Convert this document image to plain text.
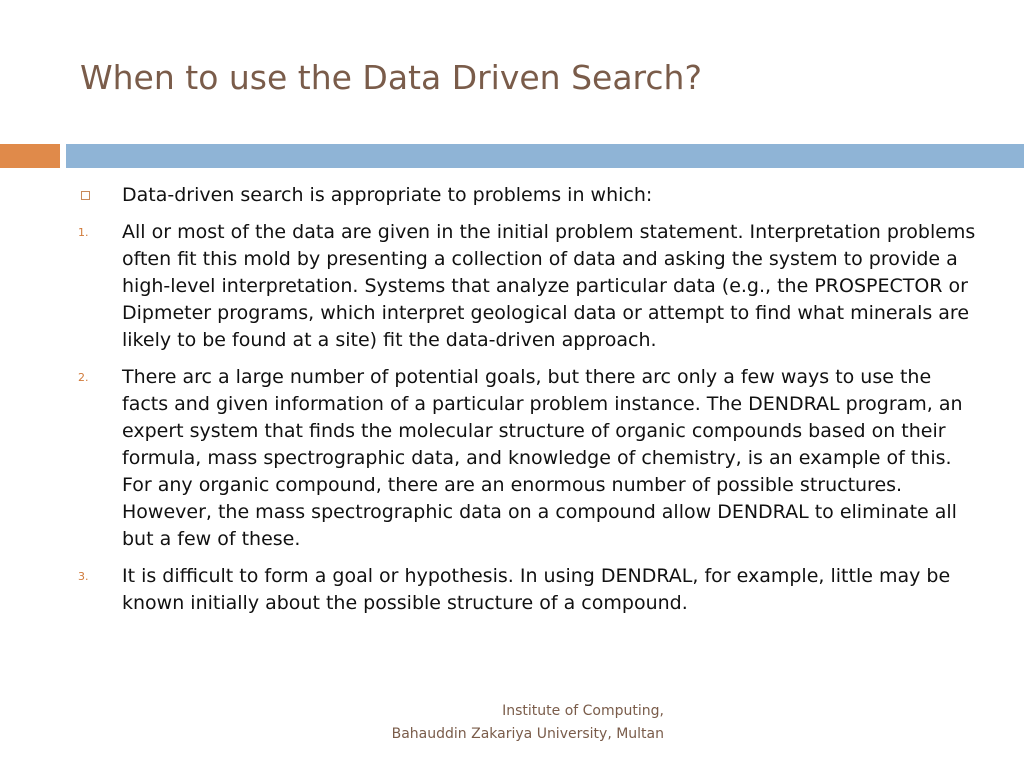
When to use the Data Driven Search?
Data-driven search is appropriate to problems in which:
1. All or most of the data are given in the initial problem statement. Interpretation problems often fit this mold by presenting a collection of data and asking the system to provide a high-level interpretation. Systems that analyze particular data (e.g., the PROSPECTOR or Dipmeter programs, which interpret geological data or attempt to find what minerals are likely to be found at a site) fit the data-driven approach.
2. There arc a large number of potential goals, but there arc only a few ways to use the facts and given information of a particular problem instance. The DENDRAL program, an expert system that finds the molecular structure of organic compounds based on their formula, mass spectrographic data, and knowledge of chemistry, is an example of this. For any organic compound, there are an enormous number of possible structures. However, the mass spectrographic data on a compound allow DENDRAL to eliminate all but a few of these.
3. It is difficult to form a goal or hypothesis. In using DENDRAL, for example, little may be known initially about the possible structure of a compound.
Institute of Computing,
Bahauddin Zakariya University, Multan
